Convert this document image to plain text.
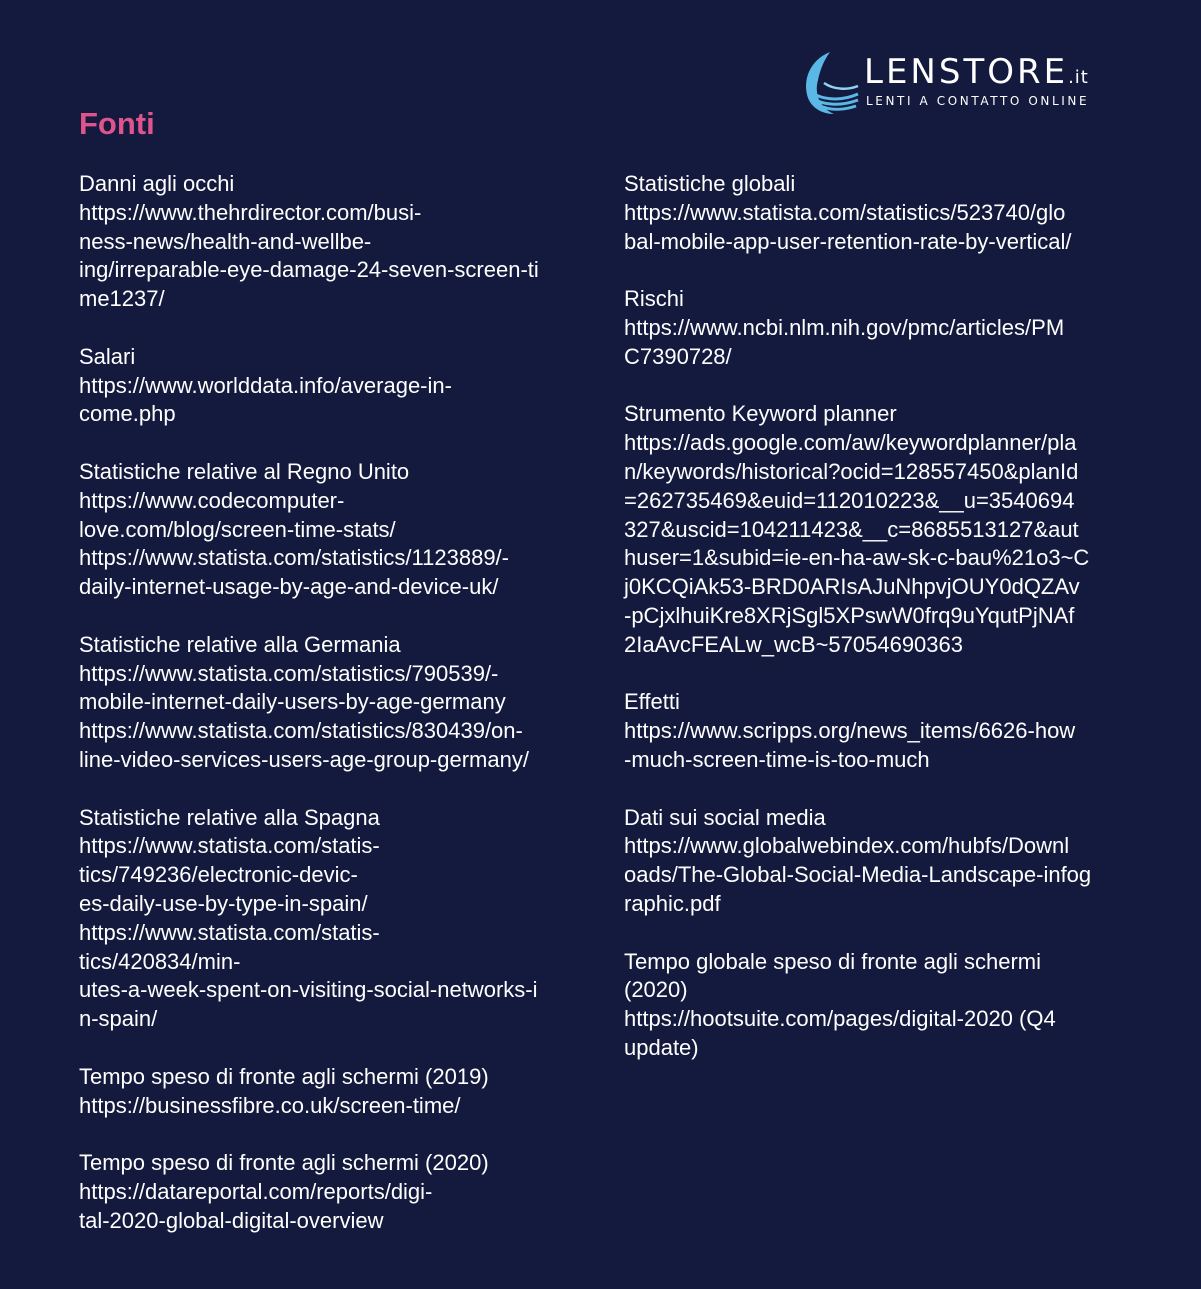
LENSTORE.it
LENTI A CONTATTO ONLINE
Fonti
Danni agli occhi
https://www.thehrdirector.com/busi-
ness-news/health-and-wellbe-
ing/irreparable-eye-damage-24-seven-screen-ti
me1237/
Salari
https://www.worlddata.info/average-in-
come.php
Statistiche relative al Regno Unito
https://www.codecomputer-
love.com/blog/screen-time-stats/
https://www.statista.com/statistics/1123889/-
daily-internet-usage-by-age-and-device-uk/
Statistiche relative alla Germania
https://www.statista.com/statistics/790539/-
mobile-internet-daily-users-by-age-germany
https://www.statista.com/statistics/830439/on-
line-video-services-users-age-group-germany/
Statistiche relative alla Spagna
https://www.statista.com/statis-
tics/749236/electronic-devic-
es-daily-use-by-type-in-spain/
https://www.statista.com/statis-
tics/420834/min-
utes-a-week-spent-on-visiting-social-networks-i
n-spain/
Tempo speso di fronte agli schermi (2019)
https://businessfibre.co.uk/screen-time/
Tempo speso di fronte agli schermi (2020)
https://datareportal.com/reports/digi-
tal-2020-global-digital-overview
Statistiche globali
https://www.statista.com/statistics/523740/glo
bal-mobile-app-user-retention-rate-by-vertical/
Rischi
https://www.ncbi.nlm.nih.gov/pmc/articles/PM
C7390728/
Strumento Keyword planner
https://ads.google.com/aw/keywordplanner/pla
n/keywords/historical?ocid=128557450&planId
=262735469&euid=112010223&__u=3540694
327&uscid=104211423&__c=8685513127&aut
huser=1&subid=ie-en-ha-aw-sk-c-bau%21o3~C
j0KCQiAk53-BRD0ARIsAJuNhpvjOUY0dQZAv
-pCjxlhuiKre8XRjSgl5XPswW0frq9uYqutPjNAf
2IaAvcFEALw_wcB~57054690363
Effetti
https://www.scripps.org/news_items/6626-how
-much-screen-time-is-too-much
Dati sui social media
https://www.globalwebindex.com/hubfs/Downl
oads/The-Global-Social-Media-Landscape-infog
raphic.pdf
Tempo globale speso di fronte agli schermi
(2020)
https://hootsuite.com/pages/digital-2020 (Q4
update)
